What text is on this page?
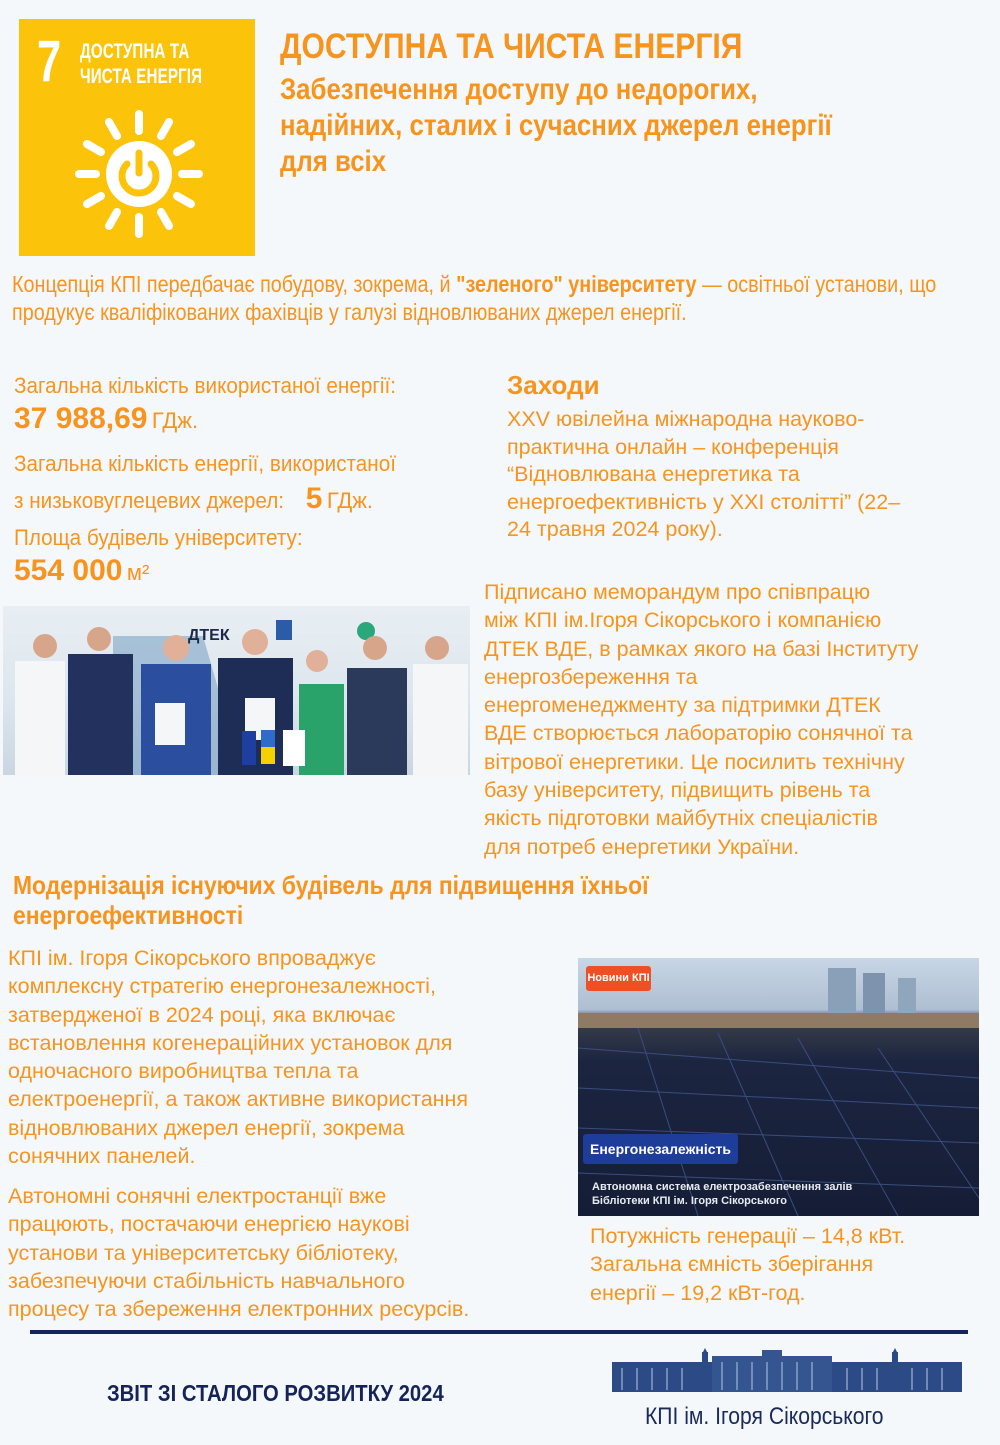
7 ДОСТУПНА ТА
ЧИСТА ЕНЕРГІЯ
ДОСТУПНА ТА ЧИСТА ЕНЕРГІЯ
Забезпечення доступу до недорогих,
надійних, сталих і сучасних джерел енергії
для всіх
Концепція КПІ передбачає побудову, зокрема, й "зеленого" університету — освітньої установи, що продукує кваліфікованих фахівців у галузі відновлюваних джерел енергії.
Загальна кількість використаної енергії:
37 988,69 ГДж.
Загальна кількість енергії, використаної
з низьковуглецевих джерел: 5 ГДж.
Площа будівель університету:
554 000 м²
Заходи
XXV ювілейна міжнародна науково-
практична онлайн – конференція
“Відновлювана енергетика та
енергоефективність у ХХІ столітті” (22–
24 травня 2024 року).
ДТЕК
Підписано меморандум про співпрацю
між КПІ ім.Ігоря Сікорського і компанією
ДТЕК ВДЕ, в рамках якого на базі Інституту
енергозбереження та
енергоменеджменту за підтримки ДТЕК
ВДЕ створюється лабораторію сонячної та
вітрової енергетики. Це посилить технічну
базу університету, підвищить рівень та
якість підготовки майбутніх спеціалістів
для потреб енергетики України.
Модернізація існуючих будівель для підвищення їхньої
енергоефективності
КПІ ім. Ігоря Сікорського впроваджує
комплексну стратегію енергонезалежності,
затвердженої в 2024 році, яка включає
встановлення когенераційних установок для
одночасного виробництва тепла та
електроенергії, а також активне використання
відновлюваних джерел енергії, зокрема
сонячних панелей.
Автономні сонячні електростанції вже
працюють, постачаючи енергією наукові
установи та університетську бібліотеку,
забезпечуючи стабільність навчального
процесу та збереження електронних ресурсів.
Новини КПІ
Енергонезалежність
Автономна система електрозабезпечення залів
Бібліотеки КПІ ім. Ігоря Сікорського
Потужність генерації – 14,8 кВт.
Загальна ємність зберігання
енергії – 19,2 кВт-год.
ЗВІТ ЗІ СТАЛОГО РОЗВИТКУ 2024
КПІ ім. Ігоря Сікорського
